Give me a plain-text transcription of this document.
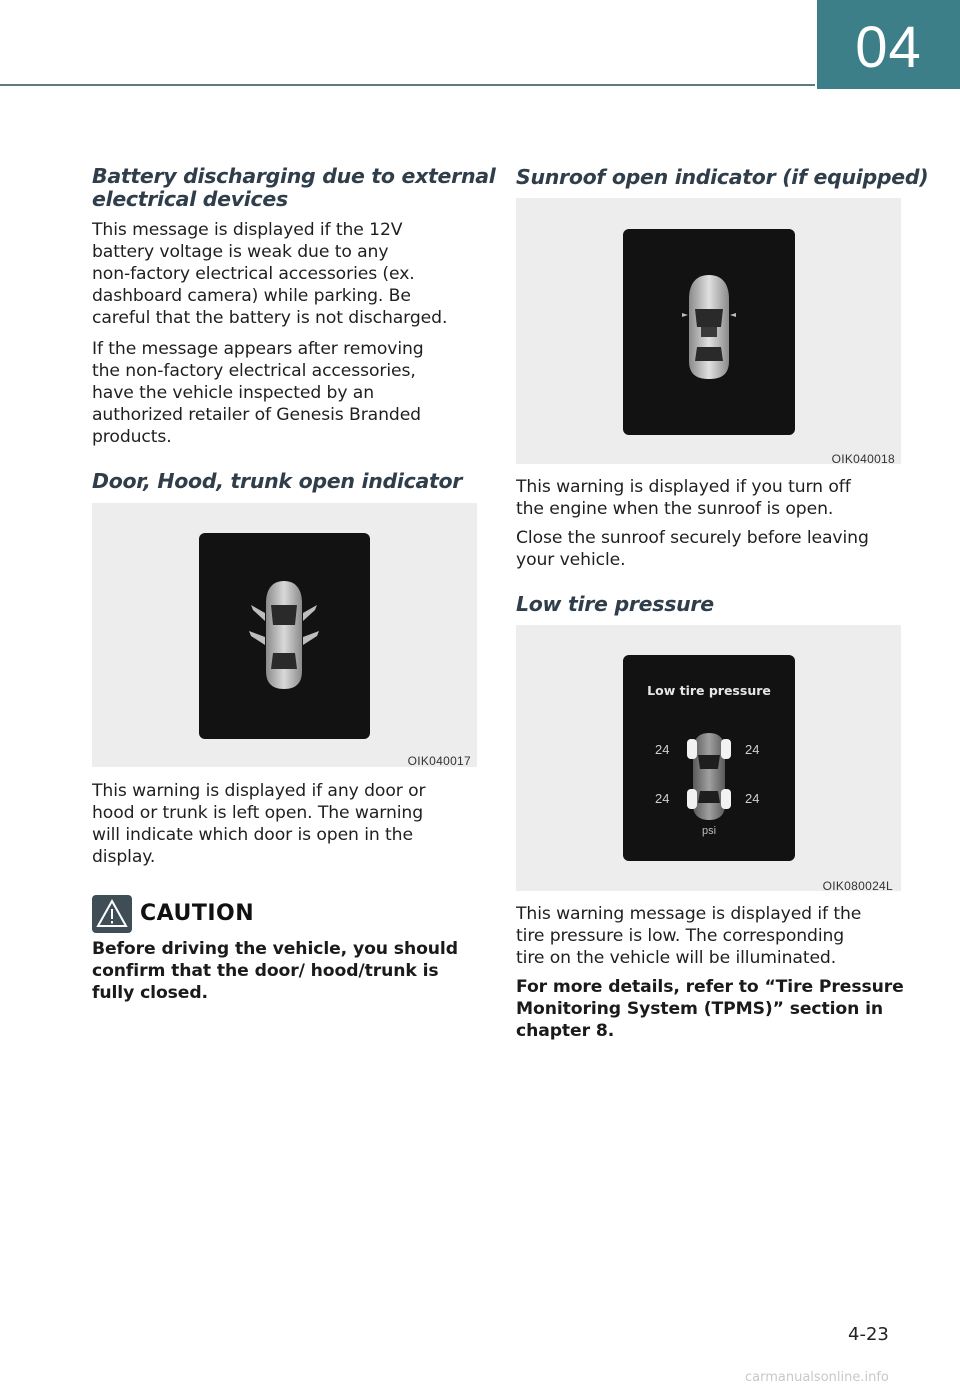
04
Battery discharging due to external
electrical devices
This message is displayed if the 12V
battery voltage is weak due to any
non-factory electrical accessories (ex.
dashboard camera) while parking. Be
careful that the battery is not discharged.
If the message appears after removing
the non-factory electrical accessories,
have the vehicle inspected by an
authorized retailer of Genesis Branded
products.
Door, Hood, trunk open indicator
OIK040017
This warning is displayed if any door or
hood or trunk is left open. The warning
will indicate which door is open in the
display.
CAUTION
Before driving the vehicle, you should
confirm that the door/ hood/trunk is
fully closed.
Sunroof open indicator (if equipped)
OIK040018
This warning is displayed if you turn off
the engine when the sunroof is open.
Close the sunroof securely before leaving
your vehicle.
Low tire pressure
Low tire pressure
24	24
24	24
psi
OIK080024L
This warning message is displayed if the
tire pressure is low. The corresponding
tire on the vehicle will be illuminated.
For more details, refer to “Tire Pressure
Monitoring System (TPMS)” section in
chapter 8.
4-23
carmanualsonline.info
